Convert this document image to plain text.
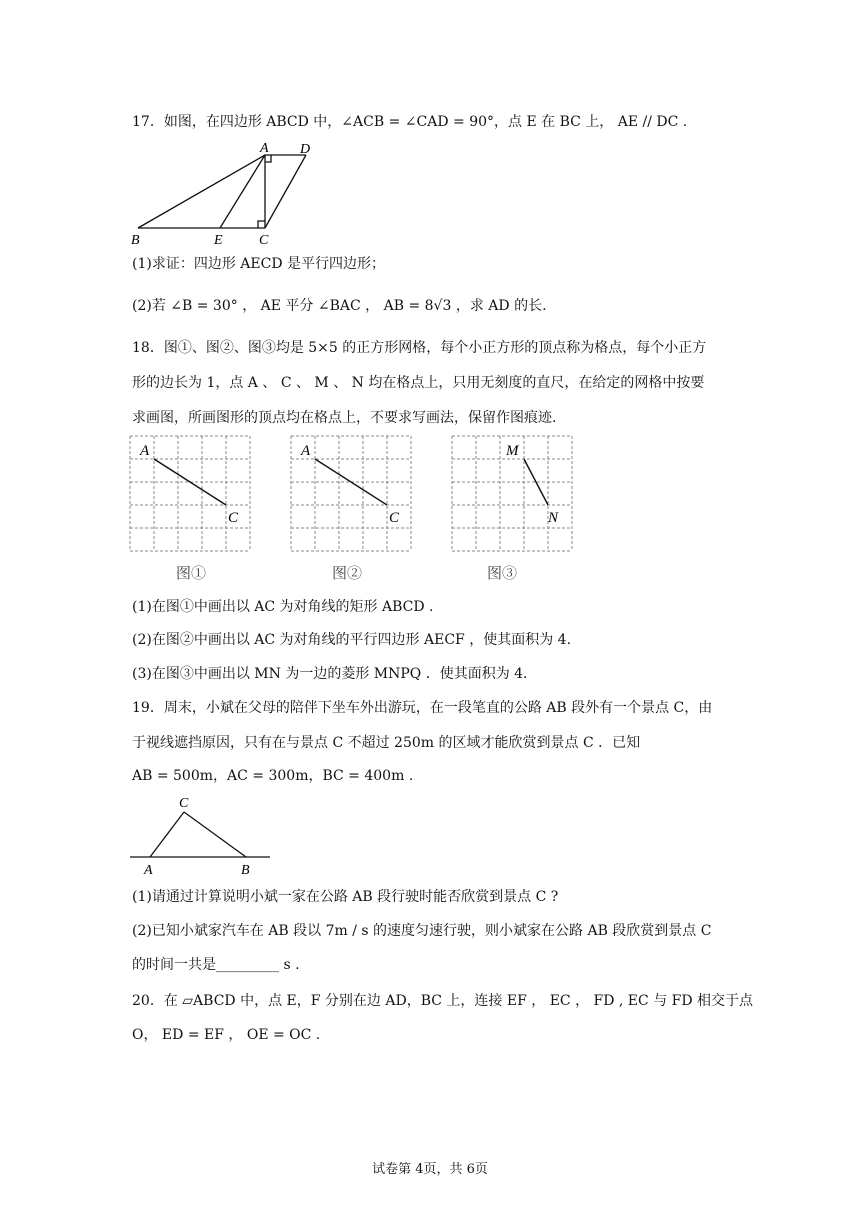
17．如图，在四边形 ABCD 中，∠ACB = ∠CAD = 90°，点 E 在 BC 上， AE // DC .
A D
B	E	C
(1)求证：四边形 AECD 是平行四边形；
(2)若 ∠B = 30° ， AE 平分 ∠BAC ， AB = 8√3 ，求 AD 的长.
18．图①、图②、图③均是 5×5 的正方形网格，每个小正方形的顶点称为格点，每个小正方
形的边长为 1，点 A 、 C 、 M 、 N 均在格点上，只用无刻度的直尺，在给定的网格中按要
求画图，所画图形的顶点均在格点上，不要求写画法，保留作图痕迹.
A
C
A
C
M
N
图①	图②	图③
(1)在图①中画出以 AC 为对角线的矩形 ABCD .
(2)在图②中画出以 AC 为对角线的平行四边形 AECF ，使其面积为 4.
(3)在图③中画出以 MN 为一边的菱形 MNPQ ．使其面积为 4.
19．周末，小斌在父母的陪伴下坐车外出游玩，在一段笔直的公路 AB 段外有一个景点 C，由
于视线遮挡原因，只有在与景点 C 不超过 250m 的区域才能欣赏到景点 C ．已知
AB = 500m，AC = 300m，BC = 400m .
C
A	B
(1)请通过计算说明小斌一家在公路 AB 段行驶时能否欣赏到景点 C ?
(2)已知小斌家汽车在 AB 段以 7m / s 的速度匀速行驶，则小斌家在公路 AB 段欣赏到景点 C
的时间一共是_________ s .
20．在 ▱ABCD 中，点 E，F 分别在边 AD，BC 上，连接 EF ， EC ， FD , EC 与 FD 相交于点
O， ED = EF ， OE = OC .
试卷第 4页，共 6页
